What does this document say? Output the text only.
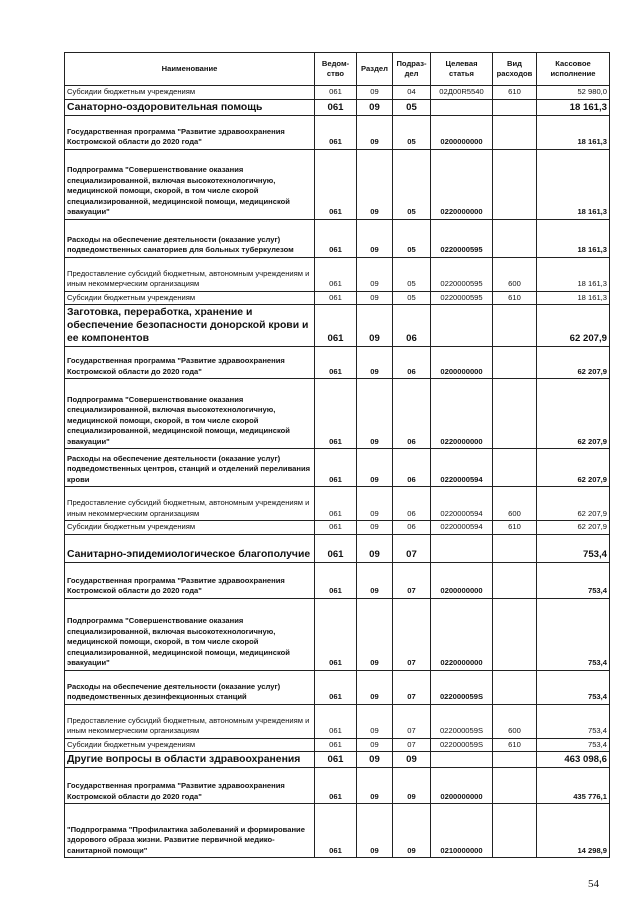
Наименование	Ведом-ство	Раздел	Подраз-дел	Целевая статья	Вид расходов	Кассовое исполнение
Субсидии бюджетным учреждениям	061	09	04	02Д00R5540	610	52 980,0
Санаторно-оздоровительная помощь	061	09	05			18 161,3
Государственная программа "Развитие здравоохранения Костромской области до 2020 года"	061	09	05	0200000000		18 161,3
Подпрограмма "Совершенствование оказания специализированной, включая высокотехнологичную, медицинской помощи, скорой, в том числе скорой специализированной, медицинской помощи, медицинской эвакуации"	061	09	05	0220000000		18 161,3
Расходы на обеспечение деятельности (оказание услуг) подведомственных санаториев для больных туберкулезом	061	09	05	0220000595		18 161,3
Предоставление субсидий бюджетным, автономным учреждениям и иным некоммерческим организациям	061	09	05	0220000595	600	18 161,3
Субсидии бюджетным учреждениям	061	09	05	0220000595	610	18 161,3
Заготовка, переработка, хранение и обеспечение безопасности донорской крови и ее компонентов	061	09	06			62 207,9
Государственная программа "Развитие здравоохранения Костромской области до 2020 года"	061	09	06	0200000000		62 207,9
Подпрограмма "Совершенствование оказания специализированной, включая высокотехнологичную, медицинской помощи, скорой, в том числе скорой специализированной, медицинской помощи, медицинской эвакуации"	061	09	06	0220000000		62 207,9
Расходы на обеспечение деятельности (оказание услуг) подведомственных центров, станций и отделений переливания крови	061	09	06	0220000594		62 207,9
Предоставление субсидий бюджетным, автономным учреждениям и иным некоммерческим организациям	061	09	06	0220000594	600	62 207,9
Субсидии бюджетным учреждениям	061	09	06	0220000594	610	62 207,9
Санитарно-эпидемиологическое благополучие	061	09	07			753,4
Государственная программа "Развитие здравоохранения Костромской области до 2020 года"	061	09	07	0200000000		753,4
Подпрограмма "Совершенствование оказания специализированной, включая высокотехнологичную, медицинской помощи, скорой, в том числе скорой специализированной, медицинской помощи, медицинской эвакуации"	061	09	07	0220000000		753,4
Расходы на обеспечение деятельности (оказание услуг) подведомственных дезинфекционных станций	061	09	07	022000059S		753,4
Предоставление субсидий бюджетным, автономным учреждениям и иным некоммерческим организациям	061	09	07	022000059S	600	753,4
Субсидии бюджетным учреждениям	061	09	07	022000059S	610	753,4
Другие вопросы в области здравоохранения	061	09	09			463 098,6
Государственная программа "Развитие здравоохранения Костромской области до 2020 года"	061	09	09	0200000000		435 776,1
"Подпрограмма "Профилактика заболеваний и формирование здорового образа жизни. Развитие первичной медико-санитарной помощи"	061	09	09	0210000000		14 298,9
54
